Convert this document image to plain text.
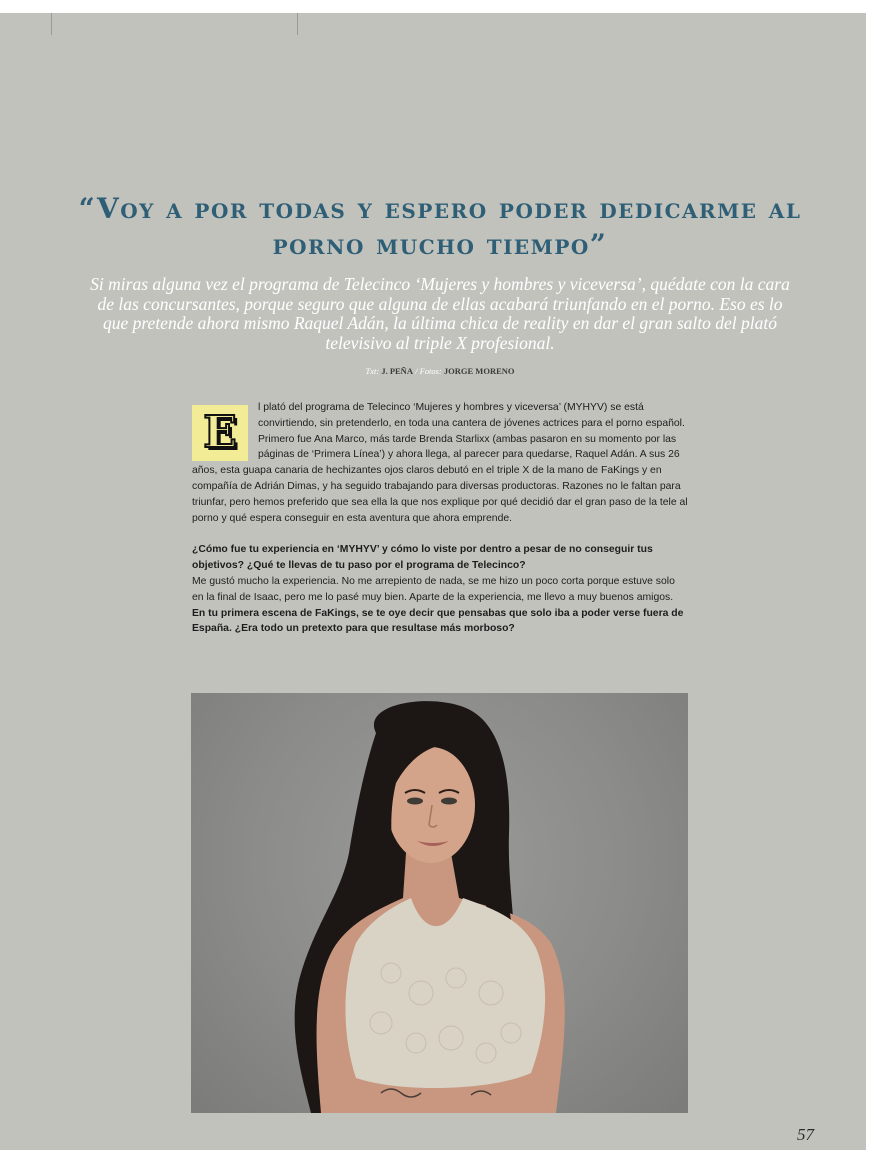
“Voy a por todas y espero poder dedicarme al porno mucho tiempo”

Si miras alguna vez el programa de Telecinco ‘Mujeres y hombres y viceversa’, quédate con la cara de las concursantes, porque seguro que alguna de ellas acabará triunfando en el porno. Eso es lo que pretende ahora mismo Raquel Adán, la última chica de reality en dar el gran salto del plató televisivo al triple X profesional.

Txt: J. PEÑA / Fotos: JORGE MORENO

E	l plató del programa de Telecinco ‘Mujeres y hombres y viceversa’ (MYHYV) se está convirtiendo, sin pretenderlo, en toda una cantera de jóvenes actrices para el porno español. Primero fue Ana Marco, más tarde Brenda Starlixx (ambas pasaron en su momento por las páginas de ‘Primera Línea’) y ahora llega, al parecer para quedarse, Raquel Adán. A sus 26 años, esta guapa canaria de hechizantes ojos claros debutó en el triple X de la mano de FaKings y en compañía de Adrián Dimas, y ha seguido trabajando para diversas productoras. Razones no le faltan para triunfar, pero hemos preferido que sea ella la que nos explique por qué decidió dar el gran paso de la tele al porno y qué espera conseguir en esta aventura que ahora emprende.

¿Cómo fue tu experiencia en ‘MYHYV’ y cómo lo viste por dentro a pesar de no conseguir tus objetivos? ¿Qué te llevas de tu paso por el programa de Telecinco?

Me gustó mucho la experiencia. No me arrepiento de nada, se me hizo un poco corta porque estuve solo en la final de Isaac, pero me lo pasé muy bien. Aparte de la experiencia, me llevo a muy buenos amigos.

En tu primera escena de FaKings, se te oye decir que pensabas que solo iba a poder verse fuera de España. ¿Era todo un pretexto para que resultase más morboso?

57
